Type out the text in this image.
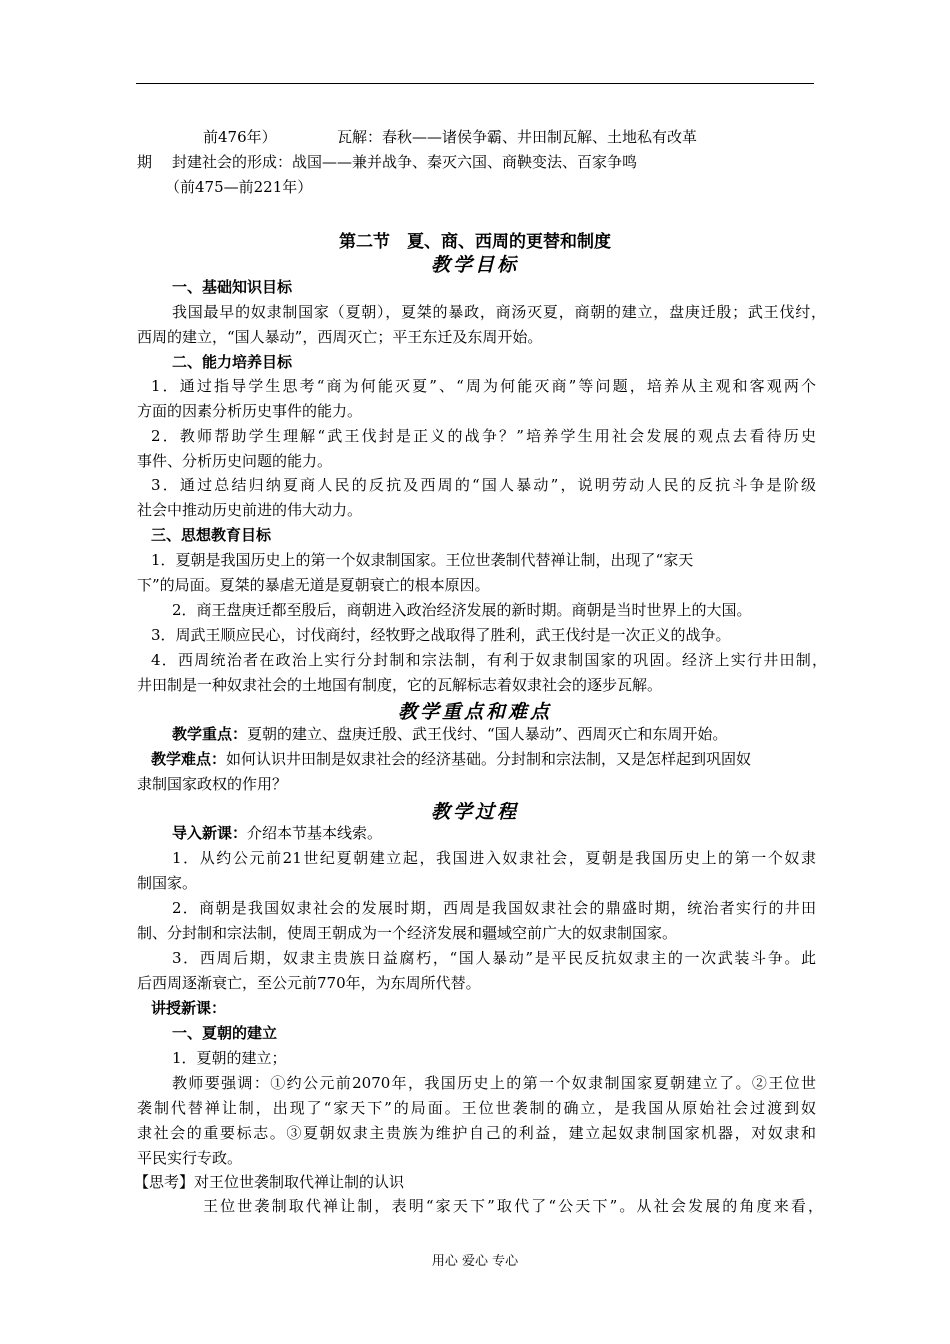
前476年）	瓦解：春秋——诸侯争霸、井田制瓦解、土地私有改革
期	封建社会的形成：战国——兼并战争、秦灭六国、商鞅变法、百家争鸣
（前475—前221年）
第二节　夏、商、西周的更替和制度
教学目标
一、基础知识目标
我国最早的奴隶制国家（夏朝），夏桀的暴政，商汤灭夏，商朝的建立，盘庚迁殷；武王伐纣，
西周的建立，“国人暴动”，西周灭亡；平王东迁及东周开始。
二、能力培养目标
1．通过指导学生思考“商为何能灭夏”、“周为何能灭商”等问题，培养从主观和客观两个
方面的因素分析历史事件的能力。
2．教师帮助学生理解“武王伐封是正义的战争？”培养学生用社会发展的观点去看待历史
事件、分析历史问题的能力。
3．通过总结归纳夏商人民的反抗及西周的“国人暴动”，说明劳动人民的反抗斗争是阶级
社会中推动历史前进的伟大动力。
三、思想教育目标
1．夏朝是我国历史上的第一个奴隶制国家。王位世袭制代替禅让制，出现了“家天
下”的局面。夏桀的暴虐无道是夏朝衰亡的根本原因。
2．商王盘庚迁都至殷后，商朝进入政治经济发展的新时期。商朝是当时世界上的大国。
3．周武王顺应民心，讨伐商纣，经牧野之战取得了胜利，武王伐纣是一次正义的战争。
4．西周统治者在政治上实行分封制和宗法制，有利于奴隶制国家的巩固。经济上实行井田制，
井田制是一种奴隶社会的土地国有制度，它的瓦解标志着奴隶社会的逐步瓦解。
教学重点和难点
教学重点：夏朝的建立、盘庚迁殷、武王伐纣、“国人暴动”、西周灭亡和东周开始。
教学难点：如何认识井田制是奴隶社会的经济基础。分封制和宗法制，又是怎样起到巩固奴
隶制国家政权的作用？
教学过程
导入新课：介绍本节基本线索。
1．从约公元前21世纪夏朝建立起，我国进入奴隶社会，夏朝是我国历史上的第一个奴隶
制国家。
2．商朝是我国奴隶社会的发展时期，西周是我国奴隶社会的鼎盛时期，统治者实行的井田
制、分封制和宗法制，使周王朝成为一个经济发展和疆域空前广大的奴隶制国家。
3．西周后期，奴隶主贵族日益腐朽，“国人暴动”是平民反抗奴隶主的一次武装斗争。此
后西周逐渐衰亡，至公元前770年，为东周所代替。
讲授新课：
一、夏朝的建立
1．夏朝的建立；
教师要强调：①约公元前2070年，我国历史上的第一个奴隶制国家夏朝建立了。②王位世
袭制代替禅让制，出现了“家天下”的局面。王位世袭制的确立，是我国从原始社会过渡到奴
隶社会的重要标志。③夏朝奴隶主贵族为维护自己的利益，建立起奴隶制国家机器，对奴隶和
平民实行专政。
【思考】对王位世袭制取代禅让制的认识
王位世袭制取代禅让制，表明“家天下”取代了“公天下”。从社会发展的角度来看，
用心 爱心 专心
